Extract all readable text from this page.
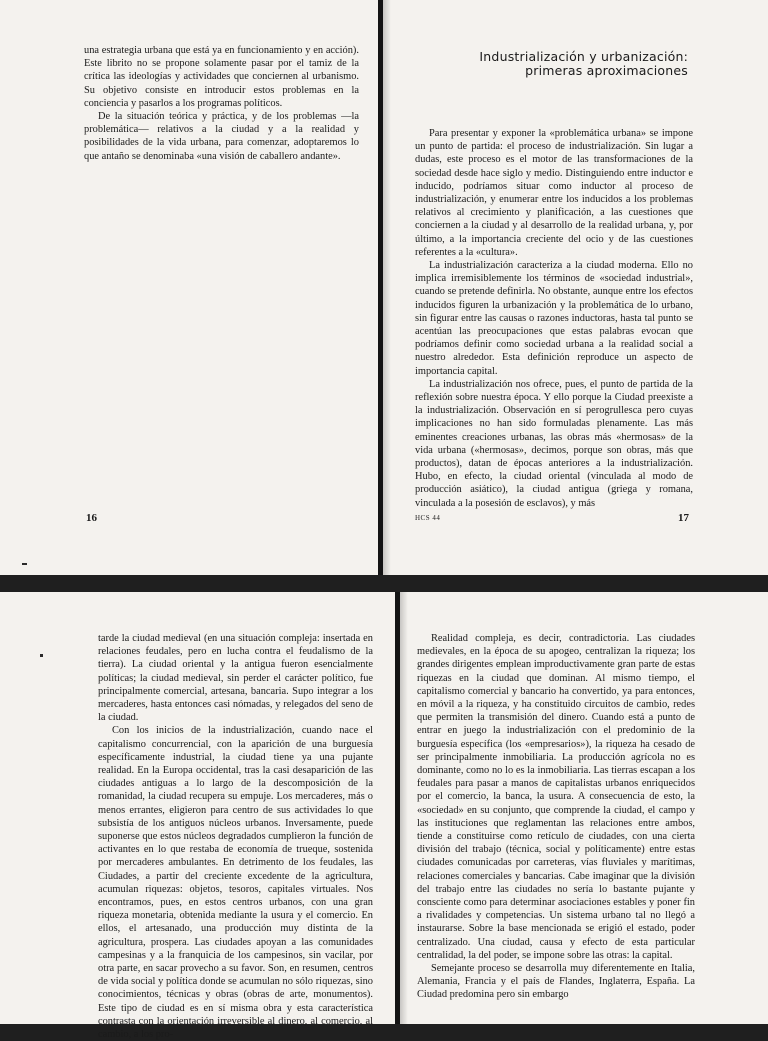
una estrategia urbana que está ya en funcionamiento y en acción). Este librito no se propone solamente pasar por el tamiz de la crítica las ideologías y actividades que conciernen al urbanismo. Su objetivo consiste en introducir estos problemas en la conciencia y pasarlos a los programas políticos.

De la situación teórica y práctica, y de los problemas —la problemática— relativos a la ciudad y a la realidad y posibilidades de la vida urbana, para comenzar, adoptaremos lo que antaño se denominaba «una visión de caballero andante».

16
Industrialización y urbanización:
primeras aproximaciones

Para presentar y exponer la «problemática urbana» se impone un punto de partida: el proceso de industrialización. Sin lugar a dudas, este proceso es el motor de las transformaciones de la sociedad desde hace siglo y medio. Distinguiendo entre inductor e inducido, podríamos situar como inductor al proceso de industrialización, y enumerar entre los inducidos a los problemas relativos al crecimiento y planificación, a las cuestiones que conciernen a la ciudad y al desarrollo de la realidad urbana, y, por último, a la importancia creciente del ocio y de las cuestiones referentes a la «cultura».

La industrialización caracteriza a la ciudad moderna. Ello no implica irremisiblemente los términos de «sociedad industrial», cuando se pretende definirla. No obstante, aunque entre los efectos inducidos figuren la urbanización y la problemática de lo urbano, sin figurar entre las causas o razones inductoras, hasta tal punto se acentúan las preocupaciones que estas palabras evocan que podríamos definir como sociedad urbana a la realidad social a nuestro alrededor. Esta definición reproduce un aspecto de importancia capital.

La industrialización nos ofrece, pues, el punto de partida de la reflexión sobre nuestra época. Y ello porque la Ciudad preexiste a la industrialización. Observación en sí perogrullesca pero cuyas implicaciones no han sido formuladas plenamente. Las más eminentes creaciones urbanas, las obras más «hermosas» de la vida urbana («hermosas», decimos, porque son obras, más que productos), datan de épocas anteriores a la industrialización. Hubo, en efecto, la ciudad oriental (vinculada al modo de producción asiático), la ciudad antigua (griega y romana, vinculada a la posesión de esclavos), y más

HCS 44	17

tarde la ciudad medieval (en una situación compleja: insertada en relaciones feudales, pero en lucha contra el feudalismo de la tierra). La ciudad oriental y la antigua fueron esencialmente políticas; la ciudad medieval, sin perder el carácter político, fue principalmente comercial, artesana, bancaria. Supo integrar a los mercaderes, hasta entonces casi nómadas, y relegados del seno de la ciudad.

Con los inicios de la industrialización, cuando nace el capitalismo concurrencial, con la aparición de una burguesía específicamente industrial, la ciudad tiene ya una pujante realidad. En la Europa occidental, tras la casi desaparición de las ciudades antiguas a lo largo de la descomposición de la romanidad, la ciudad recupera su empuje. Los mercaderes, más o menos errantes, eligieron para centro de sus actividades lo que subsistía de los antiguos núcleos urbanos. Inversamente, puede suponerse que estos núcleos degradados cumplieron la función de activantes en lo que restaba de economía de trueque, sostenida por mercaderes ambulantes. En detrimento de los feudales, las Ciudades, a partir del creciente excedente de la agricultura, acumulan riquezas: objetos, tesoros, capitales virtuales. Nos encontramos, pues, en estos centros urbanos, con una gran riqueza monetaria, obtenida mediante la usura y el comercio. En ellos, el artesanado, una producción muy distinta de la agricultura, prospera. Las ciudades apoyan a las comunidades campesinas y a la franquicia de los campesinos, sin vacilar, por otra parte, en sacar provecho a su favor. Son, en resumen, centros de vida social y política donde se acumulan no sólo riquezas, sino conocimientos, técnicas y obras (obras de arte, monumentos). Este tipo de ciudad es en sí misma obra y esta característica contrasta con la orientación irreversible al dinero, al comercio, al cambio, a los pro-

Realidad compleja, es decir, contradictoria. Las ciudades medievales, en la época de su apogeo, centralizan la riqueza; los grandes dirigentes emplean improductivamente gran parte de estas riquezas en la ciudad que dominan. Al mismo tiempo, el capitalismo comercial y bancario ha convertido, ya para entonces, en móvil a la riqueza, y ha constituido circuitos de cambio, redes que permiten la transmisión del dinero. Cuando está a punto de entrar en juego la industrialización con el predominio de la burguesía específica (los «empresarios»), la riqueza ha cesado de ser principalmente inmobiliaria. La producción agrícola no es dominante, como no lo es la inmobiliaria. Las tierras escapan a los feudales para pasar a manos de capitalistas urbanos enriquecidos por el comercio, la banca, la usura. A consecuencia de esto, la «sociedad» en su conjunto, que comprende la ciudad, el campo y las instituciones que reglamentan las relaciones entre ambos, tiende a constituirse como retículo de ciudades, con una cierta división del trabajo (técnica, social y políticamente) entre estas ciudades comunicadas por carreteras, vías fluviales y marítimas, relaciones comerciales y bancarias. Cabe imaginar que la división del trabajo entre las ciudades no sería lo bastante pujante y consciente como para determinar asociaciones estables y poner fin a rivalidades y competencias. Un sistema urbano tal no llegó a instaurarse. Sobre la base mencionada se erigió el estado, poder centralizado. Una ciudad, causa y efecto de esta particular centralidad, la del poder, se impone sobre las otras: la capital.

Semejante proceso se desarrolla muy diferentemente en Italia, Alemania, Francia y el país de Flandes, Inglaterra, España. La Ciudad predomina pero sin embargo
